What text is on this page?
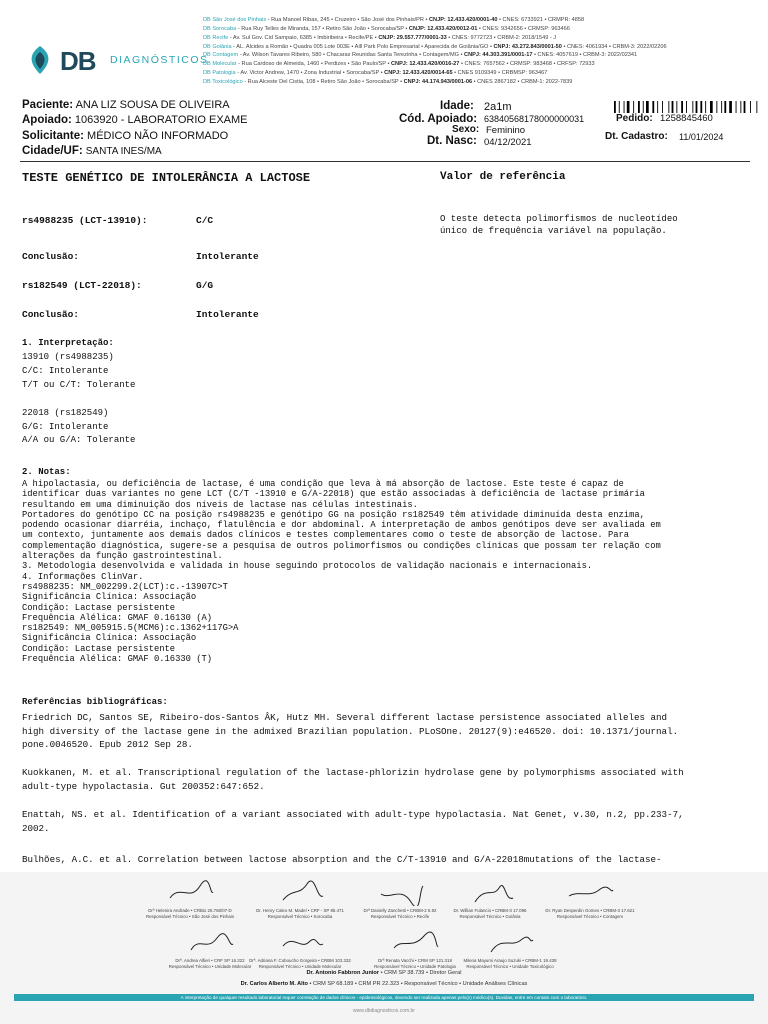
DB DIAGNÓSTICOS
DB São José dos Pinhais - Rua Manoel Ribas, 245 • Cruzeiro • São José dos Pinhais/PR • CNJP: 12.433.420/0001-40 • CNES: 6733921 • CRMPR: 4858
DB Sorocaba - Rua Ruy Telles de Miranda, 157 • Retiro São João • Sorocaba/SP • CNJP: 12.433.420/0012-01 • CNES: 9342656 • CRMSP: 963466
DB Recife - Av. Sul Gov. Cid Sampaio, 6385 • Imbiribeira • Recife/PE • CNJP: 29.557.777/0001-33 • CNES: 9772723 • CRBM-2: 2018/1549 - J
DB Goiânia - AL. Alcides a Romão • Quadra 005 Lote 003E • Aíll Park Polo Empresarial • Aparecida de Goiânia/GO • CNPJ: 43.272.843/0001-50 • CNES: 4061934 • CRBM-3: 2022/02206
DB Contagem - Av. Wilson Tavares Ribeiro, 580 • Chacaras Reunidas Santa Terezinha • Contagem/MG • CNPJ: 44.303.391/0001-17 • CNES: 4057619 • CRBM-3: 2022/02341
DB Molecular - Rua Cardoso de Almeida, 1460 • Perdizes • São Paulo/SP • CNPJ: 12.433.420/0016-27 • CNES: 7657562 • CRMSP: 983468 • CRFSP: 72933
DB Patologia - Av. Victor Andrew, 1470 • Zona Industrial • Sorocaba/SP • CNPJ: 12.433.420/0014-65 • CNES 9109349 • CRBMSP: 963467
DB Toxicológico - Rua Alceste Del Cistia, 108 • Retiro São João • Sorocaba/SP • CNPJ: 44.174.943/0001-06 • CNES 2867182 • CRBM-1: 2022-7839
Paciente: ANA LIZ SOUSA DE OLIVEIRA
Apoiado: 1063920 - LABORATORIO EXAME
Solicitante: MÉDICO NÃO INFORMADO
Cidade/UF: SANTA INES/MA
Idade: 2a1m
Cód. Apoiado: 63840568178000000031
Sexo: Feminino
Dt. Nasc: 04/12/2021
Pedido: 1258845460
Dt. Cadastro: 11/01/2024
TESTE GENÉTICO DE INTOLERÂNCIA A LACTOSE	Valor de referência
rs4988235 (LCT-13910):	C/C
Conclusão:	Intolerante
rs182549 (LCT-22018):	G/G
Conclusão:	Intolerante
O teste detecta polimorfismos de nucleotídeo
único de frequência variável na população.
1. Interpretação:
13910 (rs4988235)
C/C: Intolerante
T/T ou C/T: Tolerante
22018 (rs182549)
G/G: Intolerante
A/A ou G/A: Tolerante
2. Notas:
A hipolactasia, ou deficiência de lactase, é uma condição que leva à má absorção de lactose. Este teste é capaz de
identificar duas variantes no gene LCT (C/T -13910 e G/A-22018) que estão associadas à deficiência de lactase primária
resultando em uma diminuição dos níveis de lactase nas células intestinais.
Portadores do genótipo CC na posição rs4988235 e genótipo GG na posição rs182549 têm atividade diminuída desta enzima,
podendo ocasionar diarréia, inchaço, flatulência e dor abdominal. A interpretação de ambos genótipos deve ser avaliada em
um contexto, juntamente aos demais dados clínicos e testes complementares como o teste de absorção de lactose. Para
complementação diagnóstica, sugere-se a pesquisa de outros polimorfismos ou condições clínicas que possam ter relação com
alterações da função gastrointestinal.
3. Metodologia desenvolvida e validada in house seguindo protocolos de validação nacionais e internacionais.
4. Informações ClinVar.
rs4988235: NM_002299.2(LCT):c.-13907C>T
Significância Clínica: Associação
Condição: Lactase persistente
Frequência Alélica: GMAF 0.16130 (A)
rs182549: NM_005915.5(MCM6):c.1362+117G>A
Significância Clínica: Associação
Condição: Lactase persistente
Frequência Alélica: GMAF 0.16330 (T)
Referências bibliográficas:
Friedrich DC, Santos SE, Ribeiro-dos-Santos ÂK, Hutz MH. Several different lactase persistence associated alleles and
high diversity of the lactase gene in the admixed Brazilian population. PLoSOne. 20127(9):e46520. doi: 10.1371/journal.
pone.0046520. Epub 2012 Sep 28.
Kuokkanen, M. et al. Transcriptional regulation of the lactase-phlorizin hydrolase gene by polymorphisms associated with
adult-type hypolactasia. Gut 200352:647:652.
Enattah, NS. et al. Identification of a variant associated with adult-type hypolactasia. Nat Genet, v.30, n.2, pp.233-7,
2002.
Bulhões, A.C. et al. Correlation between lactose absorption and the C/T-13910 and G/A-22018mutations of the lactase-
Drª Helenira Andrade • CRBio 25.768/07-D
Responsável Técnico • São José dos Pinhais
Dr. Henry Caleo M. Madel • CRF - SP 85.471
Responsável Técnico • Sorocaba
Drª Danielly Zanchetti • CRBM-2 5.92
Responsável Técnico • Recife
Dr. Willian Fulancio • CRBM-3 17.096
Responsável Técnico • Goiânia
Dr. Ryan Desperdin Gomes • CRBM-3 17.621
Responsável Técnico • Contagem
Drª. Andrea Alfieri • CRF SP 16.322
Responsável Técnico • Unidade Molecular
Drª. Adriana F. Coboucho Gorgeira • CRBM 103.332
Responsável Técnico • Unidade Molecular
Drª Renata Vacchi • CRM SP 121.318
Responsável Técnico • Unidade Patologia
Milena Mayumi Araujo Suzuki • CRBM-1 19.438
Responsável Técnico • Unidade Toxicológico
Dr. Antonio Fabbron Junior • CRM SP 38.739 • Diretor Geral
Dr. Carlos Alberto M. Alto • CRM SP 68.189 • CRM PR 22.323 • Responsável Técnico • Unidade Análises Clínicas
A interpretação de qualquer resultado laboratorial requer correlação de dados clínicos - epidemiológicos, devendo ser realizada apenas pelo(s) médico(s). Duvidas, entre em contato com o laboratório.
www.dbdiagnosticos.com.br
